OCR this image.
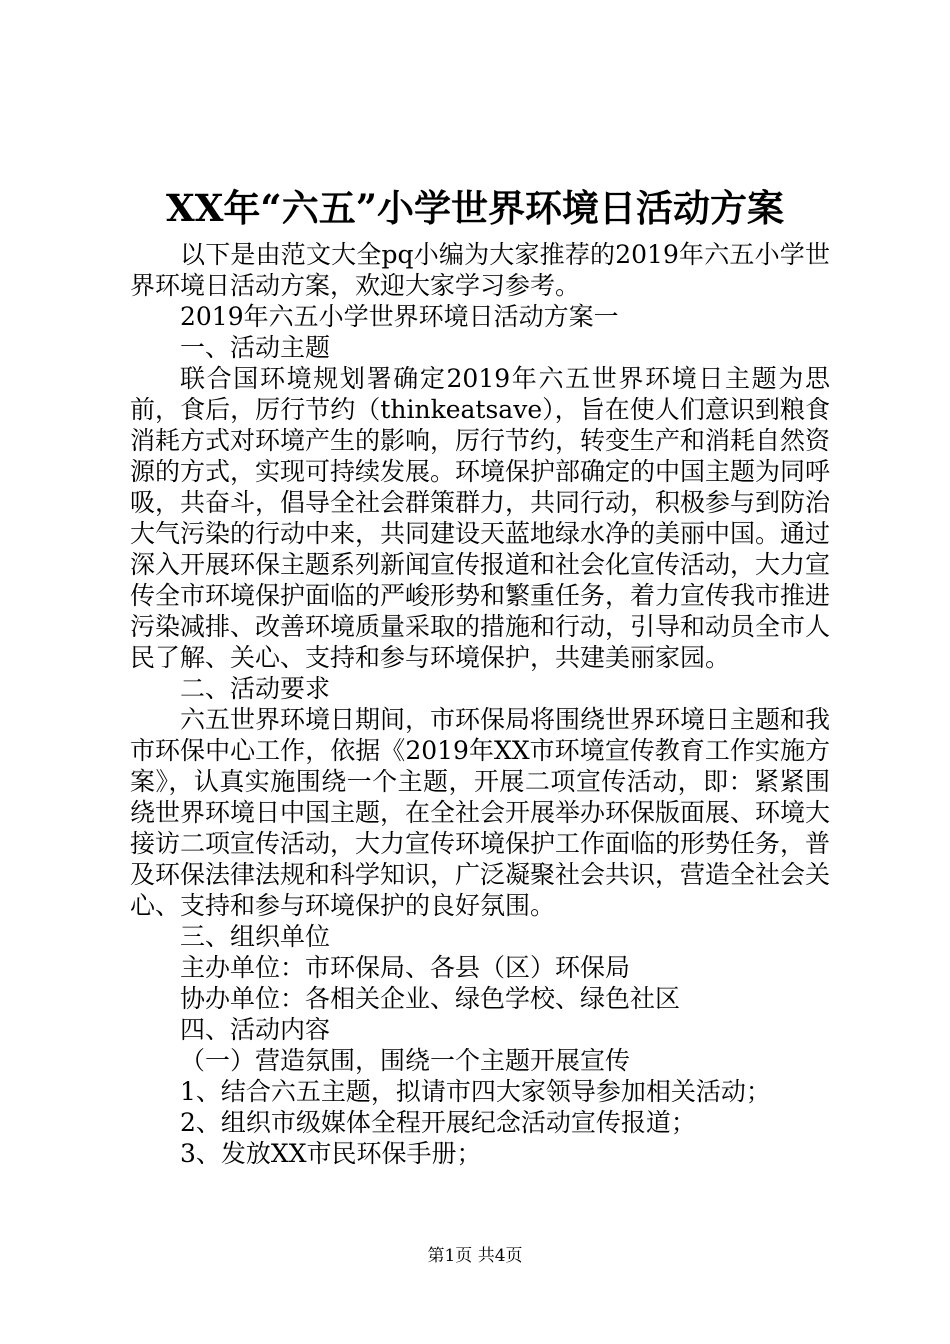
XX年“六五”小学世界环境日活动方案

以下是由范文大全pq小编为大家推荐的2019年六五小学世界环境日活动方案，欢迎大家学习参考。

2019年六五小学世界环境日活动方案一

一、活动主题

联合国环境规划署确定2019年六五世界环境日主题为思前，食后，厉行节约（thinkeatsave），旨在使人们意识到粮食消耗方式对环境产生的影响，厉行节约，转变生产和消耗自然资源的方式，实现可持续发展。环境保护部确定的中国主题为同呼吸，共奋斗，倡导全社会群策群力，共同行动，积极参与到防治大气污染的行动中来，共同建设天蓝地绿水净的美丽中国。通过深入开展环保主题系列新闻宣传报道和社会化宣传活动，大力宣传全市环境保护面临的严峻形势和繁重任务，着力宣传我市推进污染减排、改善环境质量采取的措施和行动，引导和动员全市人民了解、关心、支持和参与环境保护，共建美丽家园。

二、活动要求

六五世界环境日期间，市环保局将围绕世界环境日主题和我市环保中心工作，依据《2019年XX市环境宣传教育工作实施方案》，认真实施围绕一个主题，开展二项宣传活动，即：紧紧围绕世界环境日中国主题，在全社会开展举办环保版面展、环境大接访二项宣传活动，大力宣传环境保护工作面临的形势任务，普及环保法律法规和科学知识，广泛凝聚社会共识，营造全社会关心、支持和参与环境保护的良好氛围。

三、组织单位

主办单位：市环保局、各县（区）环保局

协办单位：各相关企业、绿色学校、绿色社区

四、活动内容

（一）营造氛围，围绕一个主题开展宣传

1、结合六五主题，拟请市四大家领导参加相关活动；

2、组织市级媒体全程开展纪念活动宣传报道；

3、发放XX市民环保手册；

第1页 共4页
